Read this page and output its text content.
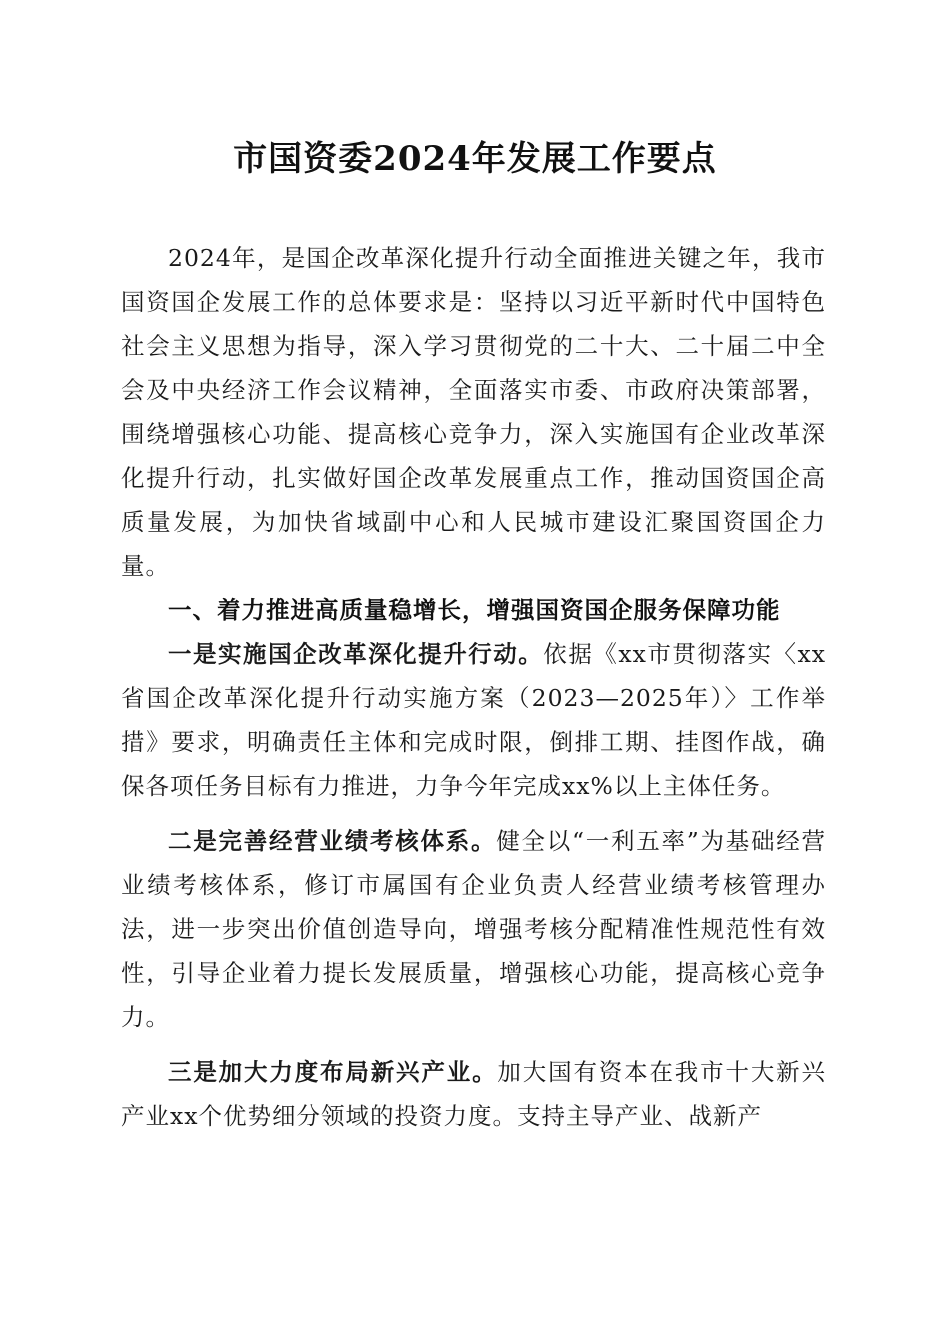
市国资委2024年发展工作要点

2024年，是国企改革深化提升行动全面推进关键之年，我市国资国企发展工作的总体要求是：坚持以习近平新时代中国特色社会主义思想为指导，深入学习贯彻党的二十大、二十届二中全会及中央经济工作会议精神，全面落实市委、市政府决策部署，围绕增强核心功能、提高核心竞争力，深入实施国有企业改革深化提升行动，扎实做好国企改革发展重点工作，推动国资国企高质量发展，为加快省域副中心和人民城市建设汇聚国资国企力量。

一、着力推进高质量稳增长，增强国资国企服务保障功能

一是实施国企改革深化提升行动。依据《xx市贯彻落实〈xx省国企改革深化提升行动实施方案（2023—2025年）〉工作举措》要求，明确责任主体和完成时限，倒排工期、挂图作战，确保各项任务目标有力推进，力争今年完成xx%以上主体任务。

二是完善经营业绩考核体系。健全以“一利五率”为基础经营业绩考核体系，修订市属国有企业负责人经营业绩考核管理办法，进一步突出价值创造导向，增强考核分配精准性规范性有效性，引导企业着力提长发展质量，增强核心功能，提高核心竞争力。

三是加大力度布局新兴产业。加大国有资本在我市十大新兴产业xx个优势细分领域的投资力度。支持主导产业、战新产
